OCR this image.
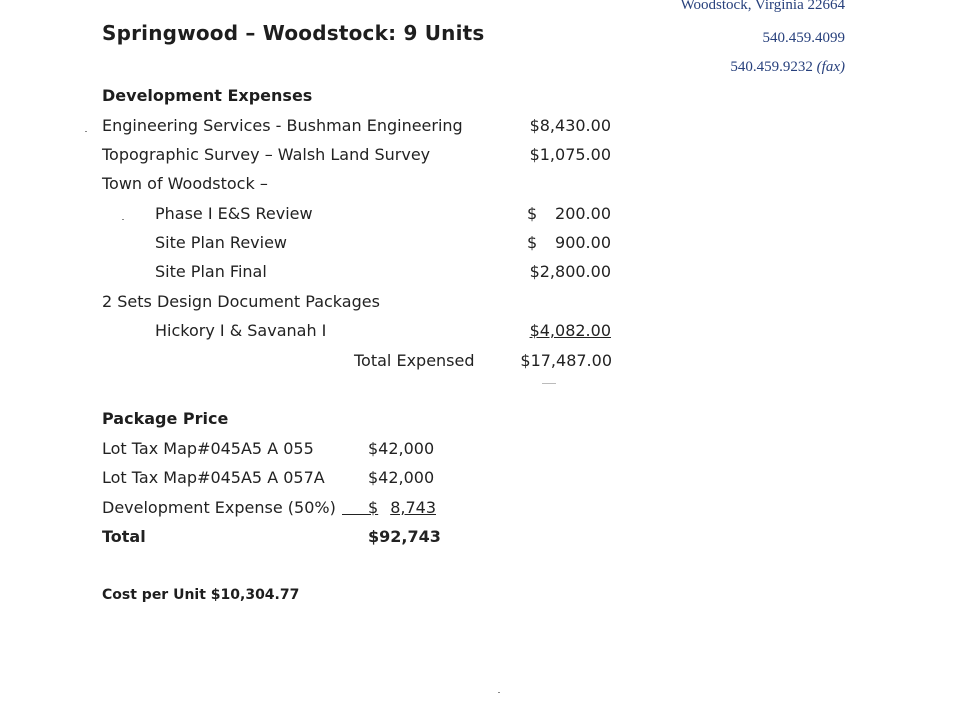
Woodstock, Virginia 22664
540.459.4099
540.459.9232 (fax)
Springwood – Woodstock: 9 Units
Development Expenses
Engineering Services - Bushman Engineering	$8,430.00
Topographic Survey – Walsh Land Survey	$1,075.00
Town of Woodstock –
Phase I E&S Review	$ 200.00
Site Plan Review	$ 900.00
Site Plan Final	$2,800.00
2 Sets Design Document Packages
Hickory I & Savanah I	$4,082.00
Total Expensed	$17,487.00
Package Price
Lot Tax Map#045A5 A 055	$42,000
Lot Tax Map#045A5 A 057A	$42,000
Development Expense (50%) $ 8,743
Total	$92,743
Cost per Unit $10,304.77
